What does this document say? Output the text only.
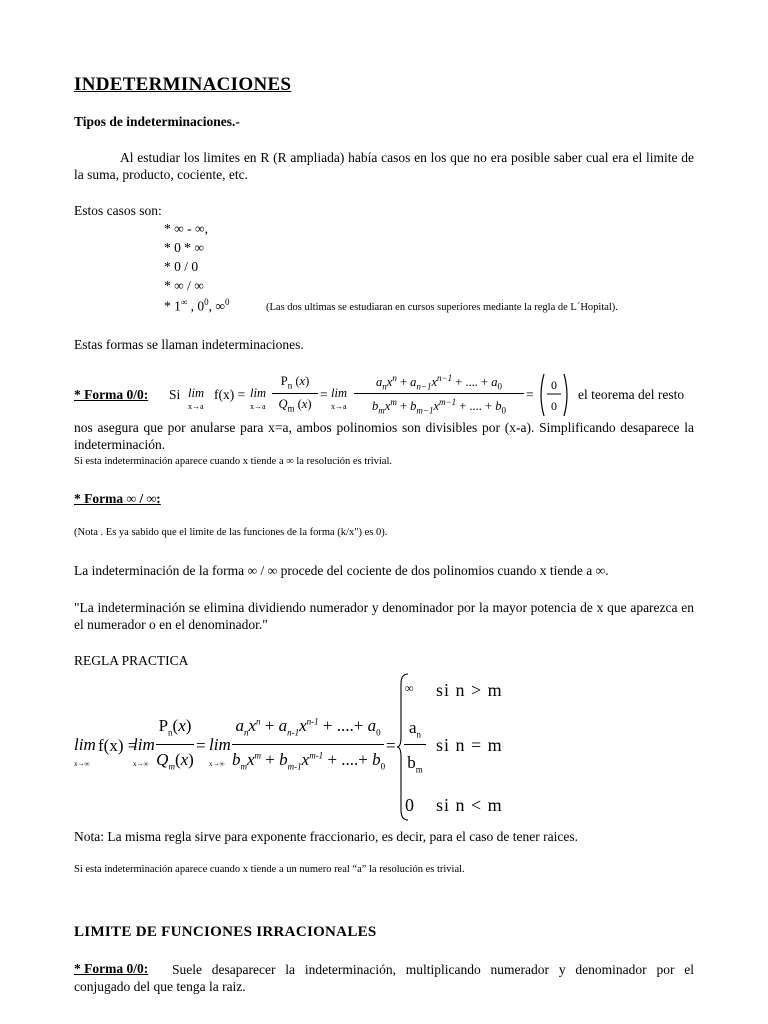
INDETERMINACIONES
Tipos de indeterminaciones.-
Al estudiar los limites en R (R ampliada) había casos en los que no era posible saber cual era el limite de la suma, producto, cociente, etc.
Estos casos son:
* ∞ - ∞,
* 0 * ∞
* 0 / 0
* ∞ / ∞
* 1∞ , $0^0$, ∞$^0$	(Las dos ultimas se estudiaran en cursos superiores mediante la regla de L´Hopital).
Estas formas se llaman indeterminaciones.
* Forma 0/0: Si lim
x→a
f(x) = lim
x→a
$P_n$ (x)
$Q_m$ (x)
= lim
x→a
$a_nx^n + a_{n-1}x^{n-1}$ + .... + $a_0$
$b_mx^m + b_{m-1}x^{m-1}$ + .... + $b_0$
=
0
0
el teorema del resto
nos asegura que por anularse para x=a, ambos polinomios son divisibles por (x-a). Simplificando desaparece la indeterminación.
Si esta indeterminación aparece cuando x tiende a ∞ la resolución es trivial.
* Forma ∞ / ∞:
(Nota . Es ya sabido que el limite de las funciones de la forma (k/x") es 0).
La indeterminación de la forma ∞ / ∞ procede del cociente de dos polinomios cuando x tiende a ∞.
"La indeterminación se elimina dividiendo numerador y denominador por la mayor potencia de x que aparezca en el numerador o en el denominador."
REGLA PRACTICA
lim
x→∞
f(x) =
lim
x→∞
$P_n(x)$
$Q_m(x)$
= lim
x→∞
$a_nx^n + a_{n-1}x^{n-1}$ + ....+ $a_0$
$b_mx^m + b_{m-1}x^{m-1}$ + ....+ $b_0$
=
∞ si n > m
$a_n$
$b_m$
si n = m
0 si n < m
Nota: La misma regla sirve para exponente fraccionario, es decir, para el caso de tener raices.
Si esta indeterminación aparece cuando x tiende a un numero real “a” la resolución es trivial.
LIMITE DE FUNCIONES IRRACIONALES
Suele desaparecer la indeterminación, multiplicando numerador y denominador por el conjugado del que tenga la raiz.
* Forma 0/0:
